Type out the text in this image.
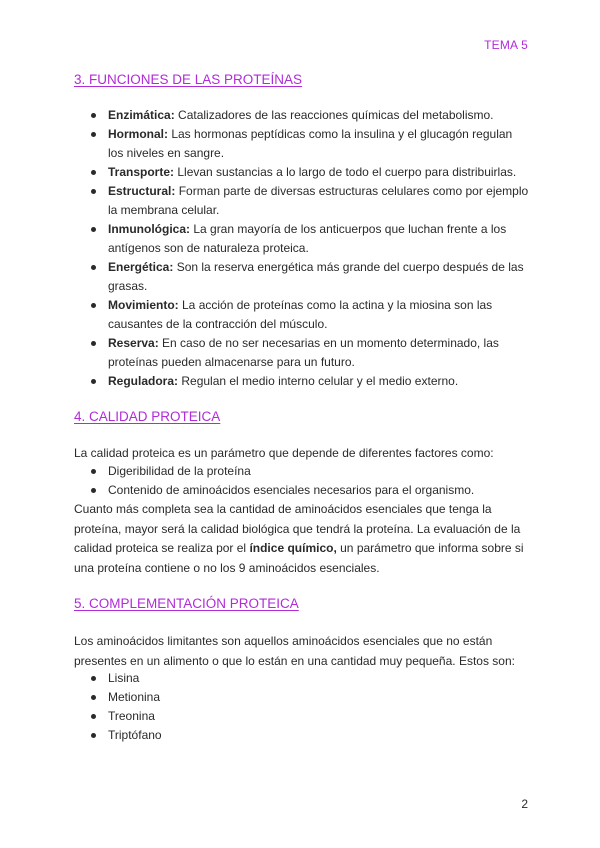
TEMA 5
3. FUNCIONES DE LAS PROTEÍNAS
Enzimática: Catalizadores de las reacciones químicas del metabolismo.
Hormonal: Las hormonas peptídicas como la insulina y el glucagón regulan los niveles en sangre.
Transporte: Llevan sustancias a lo largo de todo el cuerpo para distribuirlas.
Estructural: Forman parte de diversas estructuras celulares como por ejemplo la membrana celular.
Inmunológica: La gran mayoría de los anticuerpos que luchan frente a los antígenos son de naturaleza proteica.
Energética: Son la reserva energética más grande del cuerpo después de las grasas.
Movimiento: La acción de proteínas como la actina y la miosina son las causantes de la contracción del músculo.
Reserva: En caso de no ser necesarias en un momento determinado, las proteínas pueden almacenarse para un futuro.
Reguladora: Regulan el medio interno celular y el medio externo.
4. CALIDAD PROTEICA
La calidad proteica es un parámetro que depende de diferentes factores como:
Digeribilidad de la proteína
Contenido de aminoácidos esenciales necesarios para el organismo.
Cuanto más completa sea la cantidad de aminoácidos esenciales que tenga la proteína, mayor será la calidad biológica que tendrá la proteína. La evaluación de la calidad proteica se realiza por el índice químico, un parámetro que informa sobre si una proteína contiene o no los 9 aminoácidos esenciales.
5. COMPLEMENTACIÓN PROTEICA
Los aminoácidos limitantes son aquellos aminoácidos esenciales que no están presentes en un alimento o que lo están en una cantidad muy pequeña. Estos son:
Lisina
Metionina
Treonina
Triptófano
2
